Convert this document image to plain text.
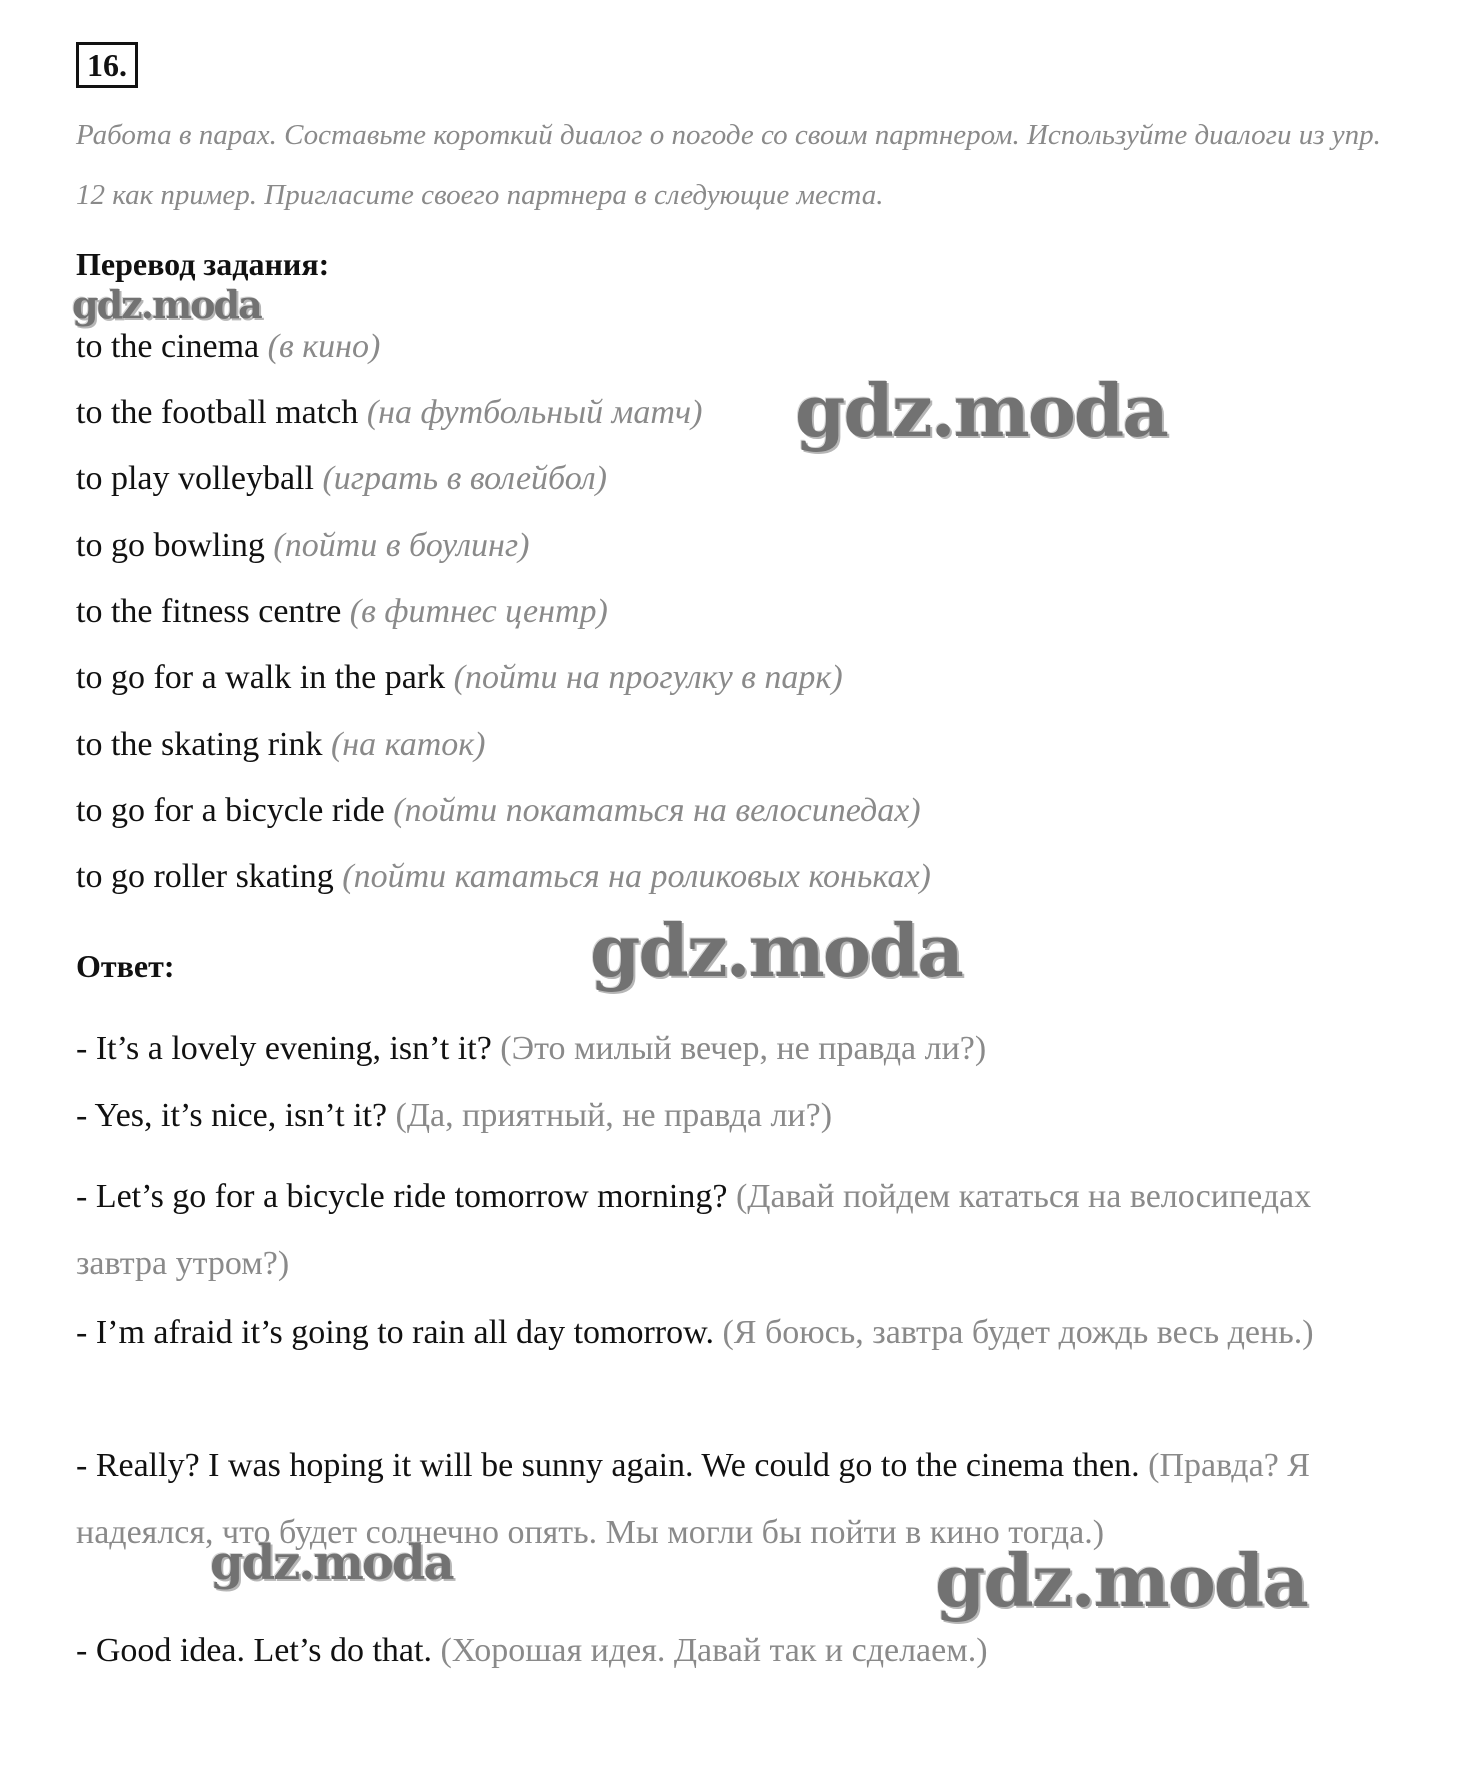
16.
Работа в парах. Составьте короткий диалог о погоде со своим партнером. Используйте диалоги из упр. 12 как пример. Пригласите своего партнера в следующие места.
Перевод задания:
gdz.moda
to the cinema (в кино)
to the football match (на футбольный матч)
to play volleyball (играть в волейбол)
to go bowling (пойти в боулинг)
to the fitness centre (в фитнес центр)
to go for a walk in the park (пойти на прогулку в парк)
to the skating rink (на каток)
to go for a bicycle ride (пойти покататься на велосипедах)
to go roller skating (пойти кататься на роликовых коньках)
gdz.moda
Ответ:	gdz.moda
- It’s a lovely evening, isn’t it? (Это милый вечер, не правда ли?)
- Yes, it’s nice, isn’t it? (Да, приятный, не правда ли?)
- Let’s go for a bicycle ride tomorrow morning? (Давай пойдем кататься на велосипедах завтра утром?)
- I’m afraid it’s going to rain all day tomorrow. (Я боюсь, завтра будет дождь весь день.)
- Really? I was hoping it will be sunny again. We could go to the cinema then. (Правда? Я надеялся, что будет солнечно опять. Мы могли бы пойти в кино тогда.)
- Good idea. Let’s do that. (Хорошая идея. Давай так и сделаем.)
gdz.moda	gdz.moda
